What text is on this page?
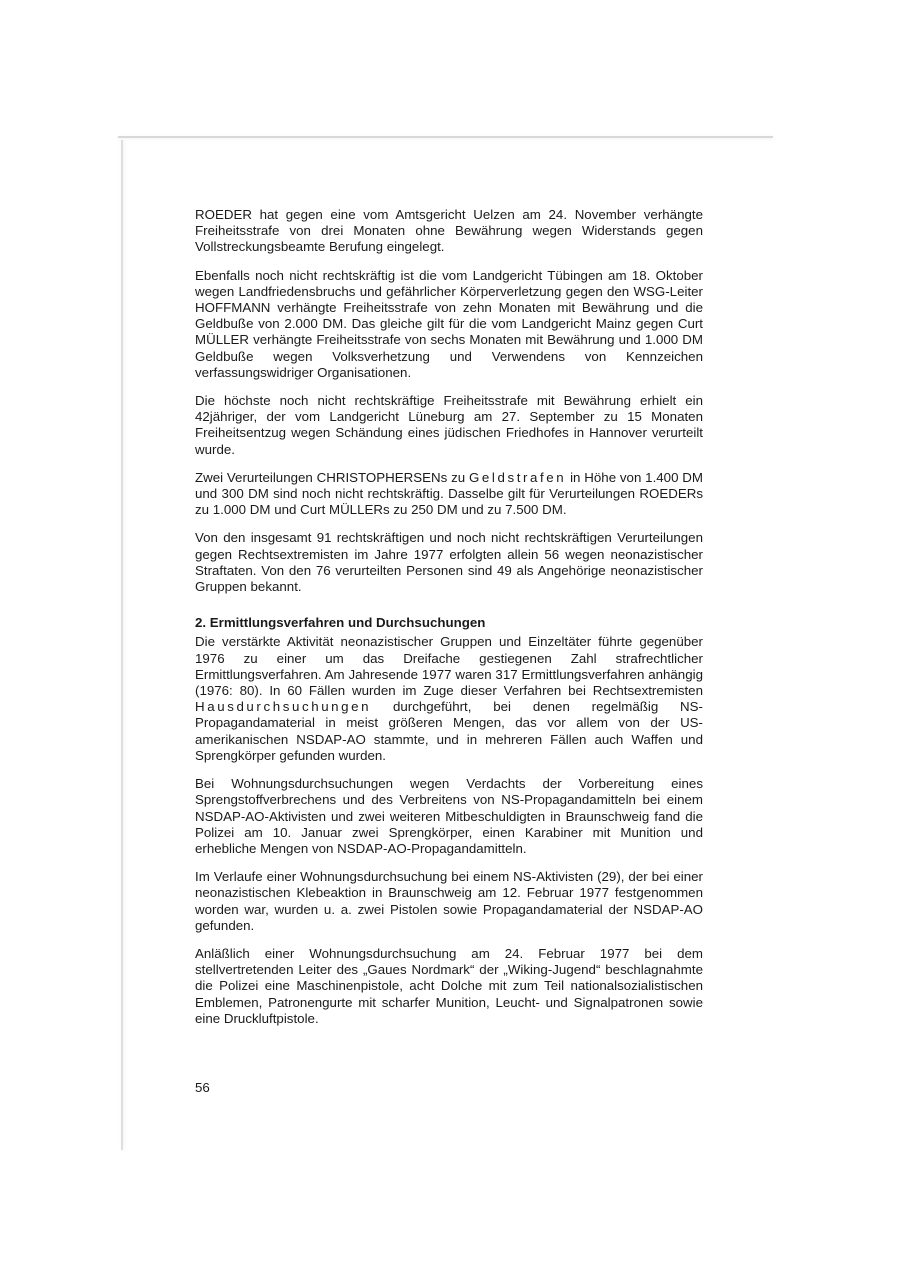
ROEDER hat gegen eine vom Amtsgericht Uelzen am 24. November verhängte Freiheitsstrafe von drei Monaten ohne Bewährung wegen Widerstands gegen Vollstreckungsbeamte Berufung eingelegt.

Ebenfalls noch nicht rechtskräftig ist die vom Landgericht Tübingen am 18. Oktober wegen Landfriedensbruchs und gefährlicher Körperverletzung gegen den WSG-Leiter HOFFMANN verhängte Freiheitsstrafe von zehn Monaten mit Bewährung und die Geldbuße von 2.000 DM. Das gleiche gilt für die vom Landgericht Mainz gegen Curt MÜLLER verhängte Freiheitsstrafe von sechs Monaten mit Bewährung und 1.000 DM Geldbuße wegen Volksverhetzung und Verwendens von Kennzeichen verfassungswidriger Organisationen.

Die höchste noch nicht rechtskräftige Freiheitsstrafe mit Bewährung erhielt ein 42jähriger, der vom Landgericht Lüneburg am 27. September zu 15 Monaten Freiheitsentzug wegen Schändung eines jüdischen Friedhofes in Hannover verurteilt wurde.

Zwei Verurteilungen CHRISTOPHERSENs zu Geldstrafen in Höhe von 1.400 DM und 300 DM sind noch nicht rechtskräftig. Dasselbe gilt für Verurteilungen ROEDERs zu 1.000 DM und Curt MÜLLERs zu 250 DM und zu 7.500 DM.

Von den insgesamt 91 rechtskräftigen und noch nicht rechtskräftigen Verurteilungen gegen Rechtsextremisten im Jahre 1977 erfolgten allein 56 wegen neonazistischer Straftaten. Von den 76 verurteilten Personen sind 49 als Angehörige neonazistischer Gruppen bekannt.

2. Ermittlungsverfahren und Durchsuchungen

Die verstärkte Aktivität neonazistischer Gruppen und Einzeltäter führte gegenüber 1976 zu einer um das Dreifache gestiegenen Zahl strafrechtlicher Ermittlungsverfahren. Am Jahresende 1977 waren 317 Ermittlungsverfahren anhängig (1976: 80). In 60 Fällen wurden im Zuge dieser Verfahren bei Rechtsextremisten Hausdurchsuchungen durchgeführt, bei denen regelmäßig NS-Propagandamaterial in meist größeren Mengen, das vor allem von der US-amerikanischen NSDAP-AO stammte, und in mehreren Fällen auch Waffen und Sprengkörper gefunden wurden.

Bei Wohnungsdurchsuchungen wegen Verdachts der Vorbereitung eines Sprengstoffverbrechens und des Verbreitens von NS-Propagandamitteln bei einem NSDAP-AO-Aktivisten und zwei weiteren Mitbeschuldigten in Braunschweig fand die Polizei am 10. Januar zwei Sprengkörper, einen Karabiner mit Munition und erhebliche Mengen von NSDAP-AO-Propagandamitteln.

Im Verlaufe einer Wohnungsdurchsuchung bei einem NS-Aktivisten (29), der bei einer neonazistischen Klebeaktion in Braunschweig am 12. Februar 1977 festgenommen worden war, wurden u. a. zwei Pistolen sowie Propagandamaterial der NSDAP-AO gefunden.

Anläßlich einer Wohnungsdurchsuchung am 24. Februar 1977 bei dem stellvertretenden Leiter des „Gaues Nordmark“ der „Wiking-Jugend“ beschlagnahmte die Polizei eine Maschinenpistole, acht Dolche mit zum Teil nationalsozialistischen Emblemen, Patronengurte mit scharfer Munition, Leucht- und Signalpatronen sowie eine Druckluftpistole.

56
